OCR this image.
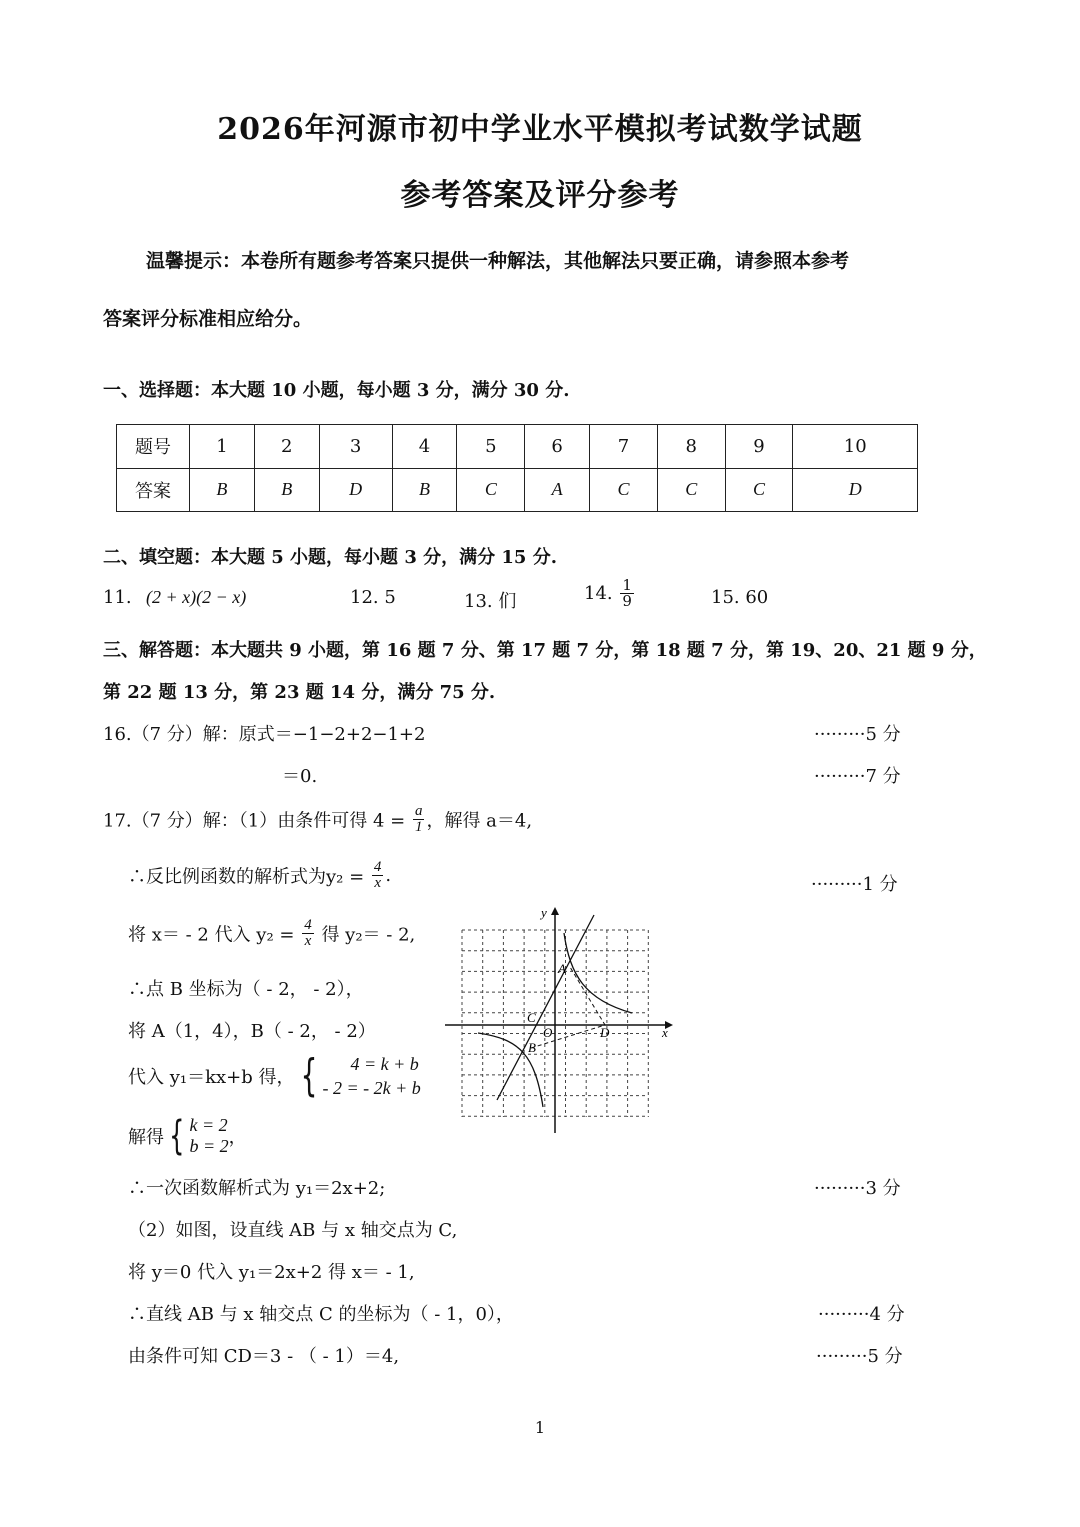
2026年河源市初中学业水平模拟考试数学试题
参考答案及评分参考
温馨提示：本卷所有题参考答案只提供一种解法，其他解法只要正确，请参照本参考
答案评分标准相应给分。
一、选择题：本大题 10 小题，每小题 3 分，满分 30 分.
题号	1	2	3	4	5	6	7	8	9	10
答案	B	B	D	B	C	A	C	C	C	D
二、填空题：本大题 5 小题，每小题 3 分，满分 15 分.
11. (2 + x)(2 − x)	12. 5	13. 们	14. $\frac{1}{9}$	15. 60
三、解答题：本大题共 9 小题，第 16 题 7 分、第 17 题 7 分，第 18 题 7 分，第 19、20、21 题 9 分，
第 22 题 13 分，第 23 题 14 分，满分 75 分.
16.（7 分）解：原式＝−1−2+2−1+2	·········5 分
＝0.	·········7 分
17.（7 分）解：（1）由条件可得 $4 = \frac{a}{1}$ ，解得 a＝4,
∴反比例函数的解析式为$y_2 = \frac{4}{x}$ .	·········1 分
将 x＝ - 2 代入 $y_2 = \frac{4}{x}$ 得 y₂＝ - 2,
∴点 B 坐标为（ - 2， - 2），
将 A（1，4），B（ - 2， - 2）
代入 y₁＝kx+b 得， {	4 = k + b
- 2 = - 2k + b
解得 { k = 2
b = 2 ，
∴一次函数解析式为 y₁＝2x+2;	·········3 分
（2）如图，设直线 AB 与 x 轴交点为 C,
将 y＝0 代入 y₁＝2x+2 得 x＝ - 1,
∴直线 AB 与 x 轴交点 C 的坐标为（ - 1，0），	·········4 分
由条件可知 CD＝3 - （ - 1）＝4,	·········5 分
y
x
A
B
C
O	D
1
